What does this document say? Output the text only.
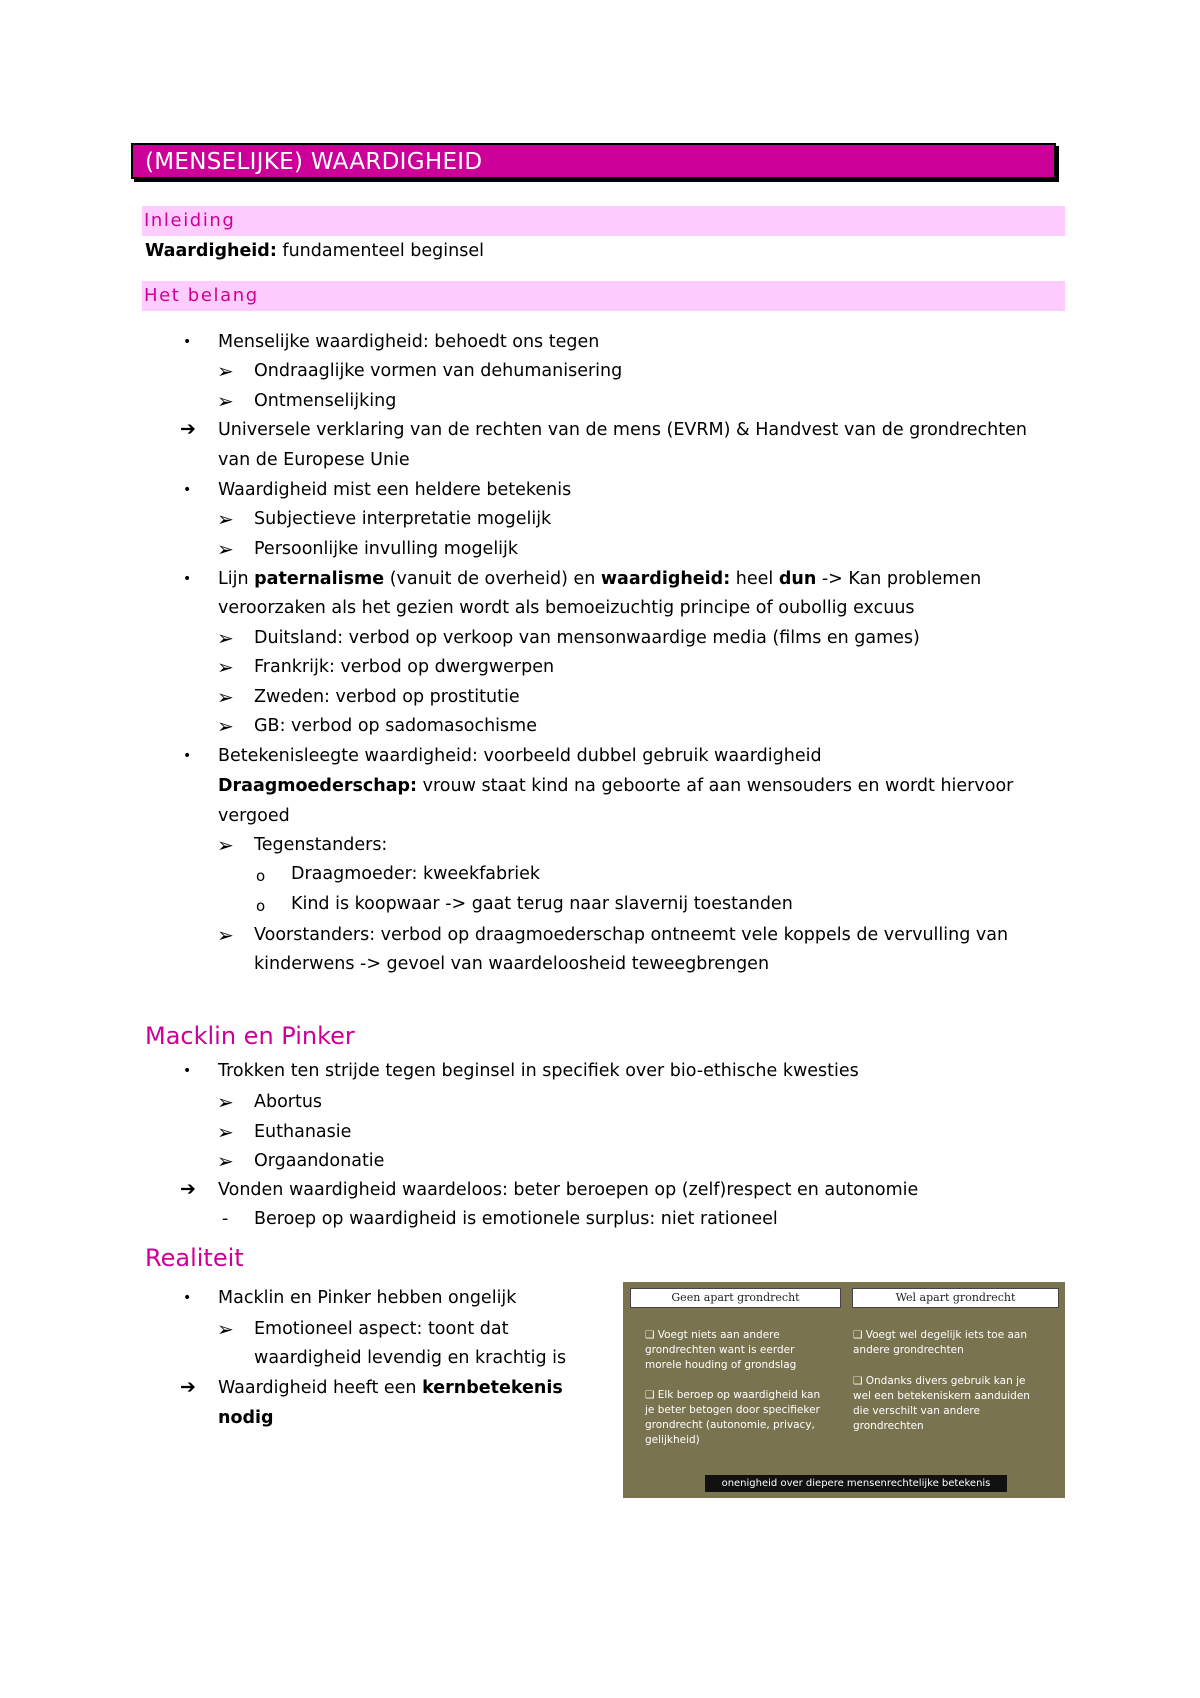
(MENSELIJKE) WAARDIGHEID
Inleiding
Waardigheid: fundamenteel beginsel
Het belang
• Menselijke waardigheid: behoedt ons tegen
➢ Ondraaglijke vormen van dehumanisering
➢ Ontmenselijking
➔ Universele verklaring van de rechten van de mens (EVRM) & Handvest van de grondrechten
van de Europese Unie
• Waardigheid mist een heldere betekenis
➢ Subjectieve interpretatie mogelijk
➢ Persoonlijke invulling mogelijk
• Lijn paternalisme (vanuit de overheid) en waardigheid: heel dun -> Kan problemen
veroorzaken als het gezien wordt als bemoeizuchtig principe of oubollig excuus
➢ Duitsland: verbod op verkoop van mensonwaardige media (films en games)
➢ Frankrijk: verbod op dwergwerpen
➢ Zweden: verbod op prostitutie
➢ GB: verbod op sadomasochisme
• Betekenisleegte waardigheid: voorbeeld dubbel gebruik waardigheid
Draagmoederschap: vrouw staat kind na geboorte af aan wensouders en wordt hiervoor
vergoed
➢ Tegenstanders:
o Draagmoeder: kweekfabriek
o Kind is koopwaar -> gaat terug naar slavernij toestanden
➢ Voorstanders: verbod op draagmoederschap ontneemt vele koppels de vervulling van
kinderwens -> gevoel van waardeloosheid teweegbrengen
Macklin en Pinker
• Trokken ten strijde tegen beginsel in specifiek over bio-ethische kwesties
➢ Abortus
➢ Euthanasie
➢ Orgaandonatie
➔ Vonden waardigheid waardeloos: beter beroepen op (zelf)respect en autonomie
- Beroep op waardigheid is emotionele surplus: niet rationeel
Realiteit
• Macklin en Pinker hebben ongelijk
➢ Emotioneel aspect: toont dat
waardigheid levendig en krachtig is
➔ Waardigheid heeft een kernbetekenis
nodig
Geen apart grondrecht	Wel apart grondrecht
❑ Voegt niets aan andere grondrechten want is eerder morele houding of grondslag
❑ Elk beroep op waardigheid kan je beter betogen door specifieker grondrecht (autonomie, privacy, gelijkheid)
❑ Voegt wel degelijk iets toe aan andere grondrechten
❑ Ondanks divers gebruik kan je wel een betekeniskern aanduiden die verschilt van andere grondrechten
onenigheid over diepere mensenrechtelijke betekenis
